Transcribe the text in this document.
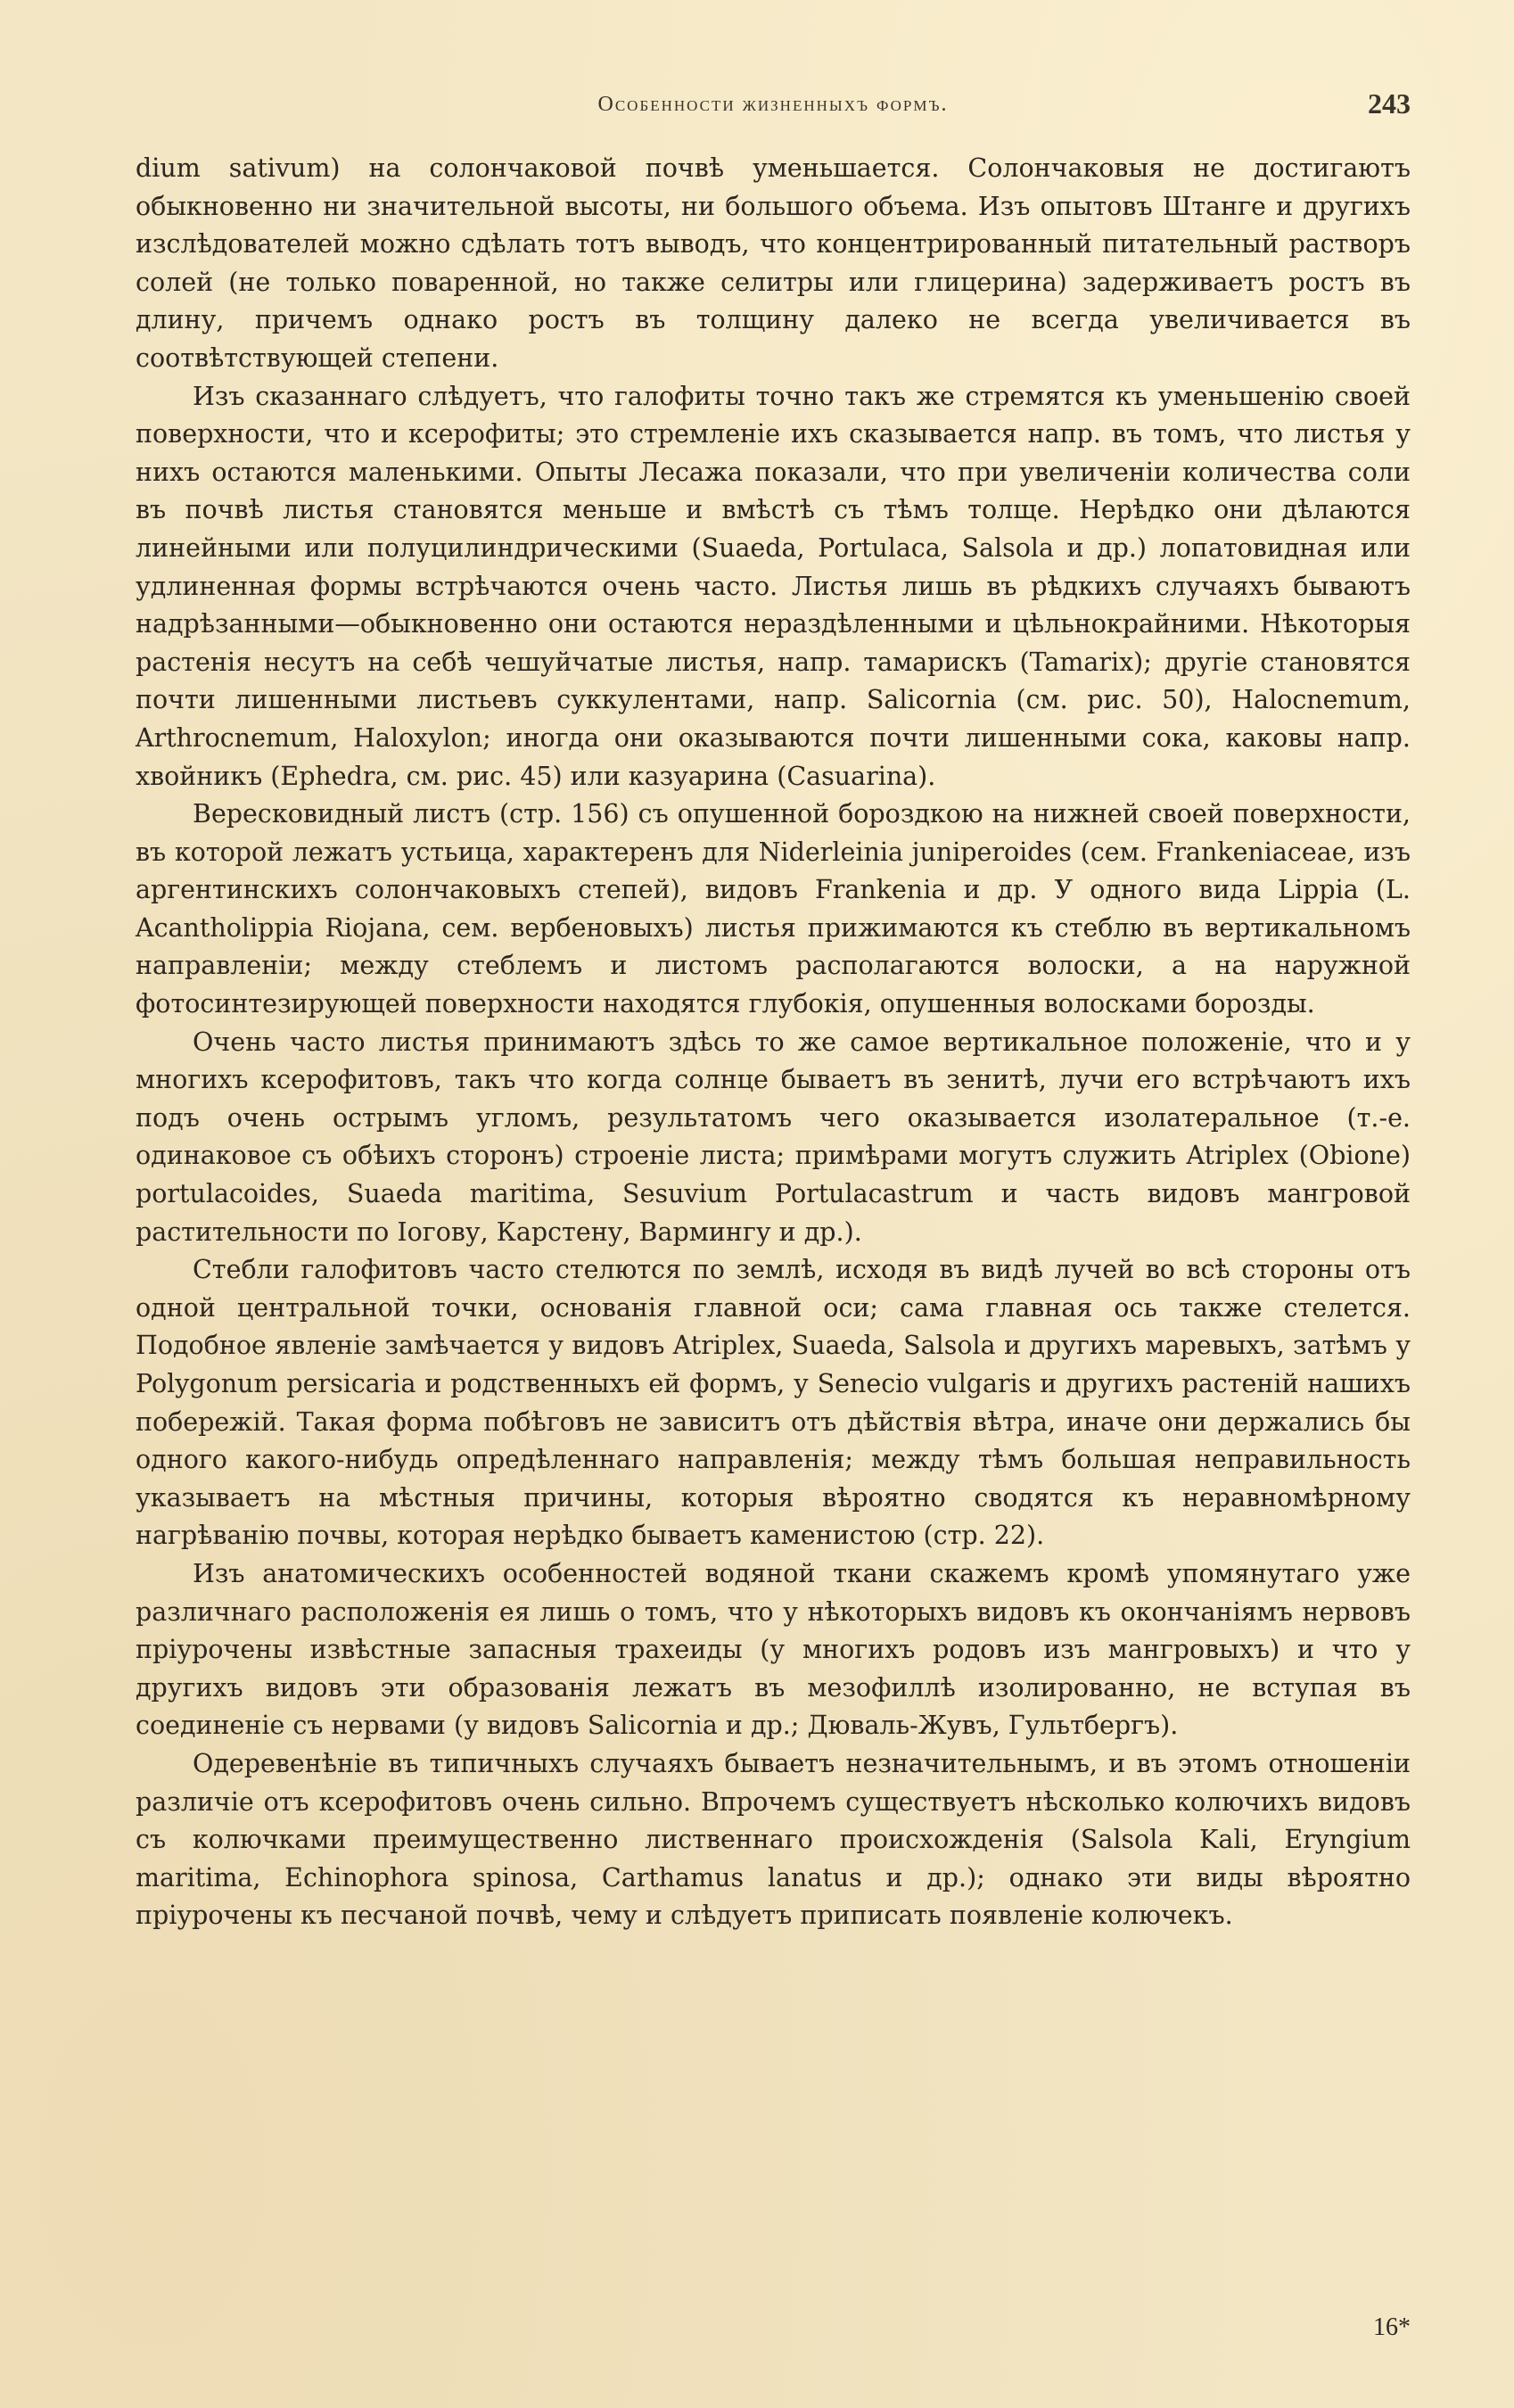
Особенности жизненныхъ формъ.	243

dium sativum) на солончаковой почвѣ уменьшается. Солончаковыя не достигаютъ обыкновенно ни значительной высоты, ни большого объема. Изъ опытовъ Штанге и другихъ изслѣдователей можно сдѣлать тотъ выводъ, что концентрированный питательный растворъ солей (не только поваренной, но также селитры или глицерина) задерживаетъ ростъ въ длину, причемъ однако ростъ въ толщину далеко не всегда увеличивается въ соотвѣтствующей степени.

Изъ сказаннаго слѣдуетъ, что галофиты точно такъ же стремятся къ уменьшенію своей поверхности, что и ксерофиты; это стремленіе ихъ сказывается напр. въ томъ, что листья у нихъ остаются маленькими. Опыты Лесажа показали, что при увеличеніи количества соли въ почвѣ листья становятся меньше и вмѣстѣ съ тѣмъ толще. Нерѣдко они дѣлаются линейными или полуцилиндрическими (Suaeda, Portulaca, Salsola и др.) лопатовидная или удлиненная формы встрѣчаются очень часто. Листья лишь въ рѣдкихъ случаяхъ бываютъ надрѣзанными—обыкновенно они остаются нераздѣленными и цѣльнокрайними. Нѣкоторыя растенія несутъ на себѣ чешуйчатые листья, напр. тамарискъ (Tamarix); другіе становятся почти лишенными листьевъ суккулентами, напр. Salicornia (см. рис. 50), Halocnemum, Arthrocnemum, Haloxylon; иногда они оказываются почти лишенными сока, каковы напр. хвойникъ (Ephedra, см. рис. 45) или казуарина (Casuarina).

Вересковидный листъ (стр. 156) съ опушенной бороздкою на нижней своей поверхности, въ которой лежатъ устьица, характеренъ для Niderleinia juniperoides (сем. Frankeniaceae, изъ аргентинскихъ солончаковыхъ степей), видовъ Frankenia и др. У одного вида Lippia (L. Acantholippia Riojana, сем. вербеновыхъ) листья прижимаются къ стеблю въ вертикальномъ направленіи; между стеблемъ и листомъ располагаются волоски, а на наружной фотосинтезирующей поверхности находятся глубокія, опушенныя волосками борозды.

Очень часто листья принимаютъ здѣсь то же самое вертикальное положеніе, что и у многихъ ксерофитовъ, такъ что когда солнце бываетъ въ зенитѣ, лучи его встрѣчаютъ ихъ подъ очень острымъ угломъ, результатомъ чего оказывается изолатеральное (т.-е. одинаковое съ обѣихъ сторонъ) строеніе листа; примѣрами могутъ служить Atriplex (Obione) portulacoides, Suaeda maritima, Sesuvium Portulacastrum и часть видовъ мангровой растительности по Іогову, Карстену, Вармингу и др.).

Стебли галофитовъ часто стелются по землѣ, исходя въ видѣ лучей во всѣ стороны отъ одной центральной точки, основанія главной оси; сама главная ось также стелется. Подобное явленіе замѣчается у видовъ Atriplex, Suaeda, Salsola и другихъ маревыхъ, затѣмъ у Polygonum persicaria и родственныхъ ей формъ, у Senecio vulgaris и другихъ растеній нашихъ побережій. Такая форма побѣговъ не зависитъ отъ дѣйствія вѣтра, иначе они держались бы одного какого-нибудь опредѣленнаго направленія; между тѣмъ большая неправильность указываетъ на мѣстныя причины, которыя вѣроятно сводятся къ неравномѣрному нагрѣванію почвы, которая нерѣдко бываетъ каменистою (стр. 22).

Изъ анатомическихъ особенностей водяной ткани скажемъ кромѣ упомянутаго уже различнаго расположенія ея лишь о томъ, что у нѣкоторыхъ видовъ къ окончаніямъ нервовъ пріурочены извѣстные запасныя трахеиды (у многихъ родовъ изъ мангровыхъ) и что у другихъ видовъ эти образованія лежатъ въ мезофиллѣ изолированно, не вступая въ соединеніе съ нервами (у видовъ Salicornia и др.; Дюваль-Жувъ, Гультбергъ).

Одеревенѣніе въ типичныхъ случаяхъ бываетъ незначительнымъ, и въ этомъ отношеніи различіе отъ ксерофитовъ очень сильно. Впрочемъ существуетъ нѣсколько колючихъ видовъ съ колючками преимущественно лиственнаго происхожденія (Salsola Kali, Eryngium maritima, Echinophora spinosa, Carthamus lanatus и др.); однако эти виды вѣроятно пріурочены къ песчаной почвѣ, чему и слѣдуетъ приписать появленіе колючекъ.

16*
